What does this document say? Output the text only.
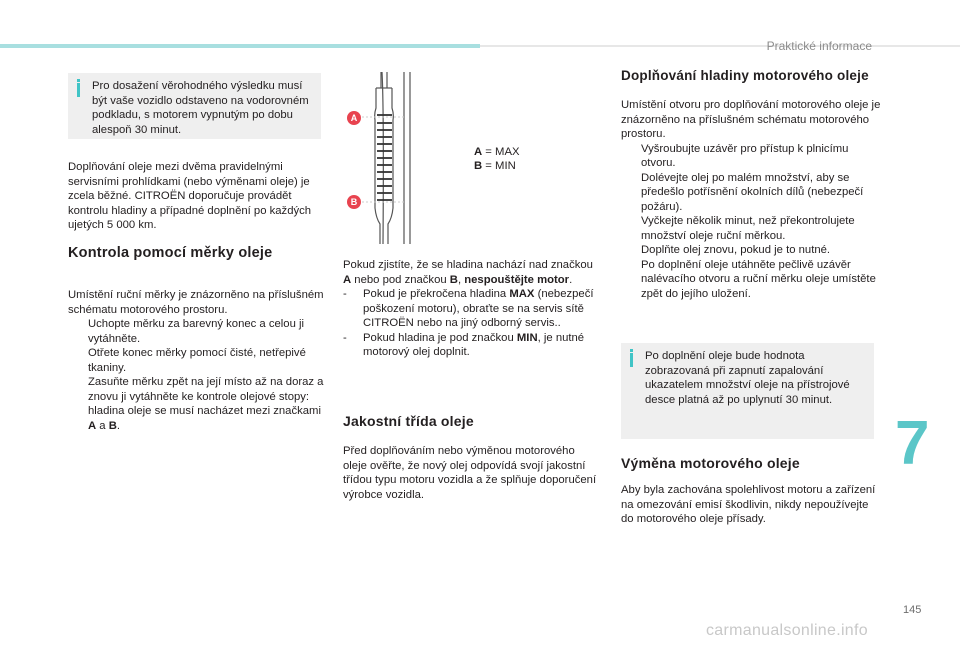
Praktické informace
Pro dosažení věrohodného výsledku musí být vaše vozidlo odstaveno na vodorovném podkladu, s motorem vypnutým po dobu alespoň 30 minut.

Doplňování oleje mezi dvěma pravidelnými servisními prohlídkami (nebo výměnami oleje) je zcela běžné. CITROËN doporučuje provádět kontrolu hladiny a případné doplnění po každých ujetých 5 000 km.

Kontrola pomocí měrky oleje

Umístění ruční měrky je znázorněno na příslušném schématu motorového prostoru.

Uchopte měrku za barevný konec a celou ji vytáhněte.
Otřete konec měrky pomocí čisté, netřepivé tkaniny.
Zasuňte měrku zpět na její místo až na doraz a znovu ji vytáhněte ke kontrole olejové stopy: hladina oleje se musí nacházet mezi značkami A a B.
A
B
A = MAX
B = MIN

Pokud zjistíte, že se hladina nachází nad značkou A nebo pod značkou B, nespouštějte motor.

- Pokud je překročena hladina MAX (nebezpečí poškození motoru), obraťte se na servis sítě CITROËN nebo na jiný odborný servis..
- Pokud hladina je pod značkou MIN, je nutné motorový olej doplnit.
Jakostní třída oleje

Před doplňováním nebo výměnou motorového oleje ověřte, že nový olej odpovídá svojí jakostní třídou typu motoru vozidla a že splňuje doporučení výrobce vozidla.

Doplňování hladiny motorového oleje

Umístění otvoru pro doplňování motorového oleje je znázorněno na příslušném schématu motorového prostoru.

Vyšroubujte uzávěr pro přístup k plnicímu otvoru.
Dolévejte olej po malém množství, aby se předešlo potřísnění okolních dílů (nebezpečí požáru).
Vyčkejte několik minut, než překontrolujete množství oleje ruční měrkou.
Doplňte olej znovu, pokud je to nutné.
Po doplnění oleje utáhněte pečlivě uzávěr nalévacího otvoru a ruční měrku oleje umístěte zpět do jejího uložení.
Po doplnění oleje bude hodnota zobrazovaná při zapnutí zapalování ukazatelem množství oleje na přístrojové desce platná až po uplynutí 30 minut.
Výměna motorového oleje

Aby byla zachována spolehlivost motoru a zařízení na omezování emisí škodlivin, nikdy nepoužívejte do motorového oleje přísady.

7
145
carmanualsonline.info
